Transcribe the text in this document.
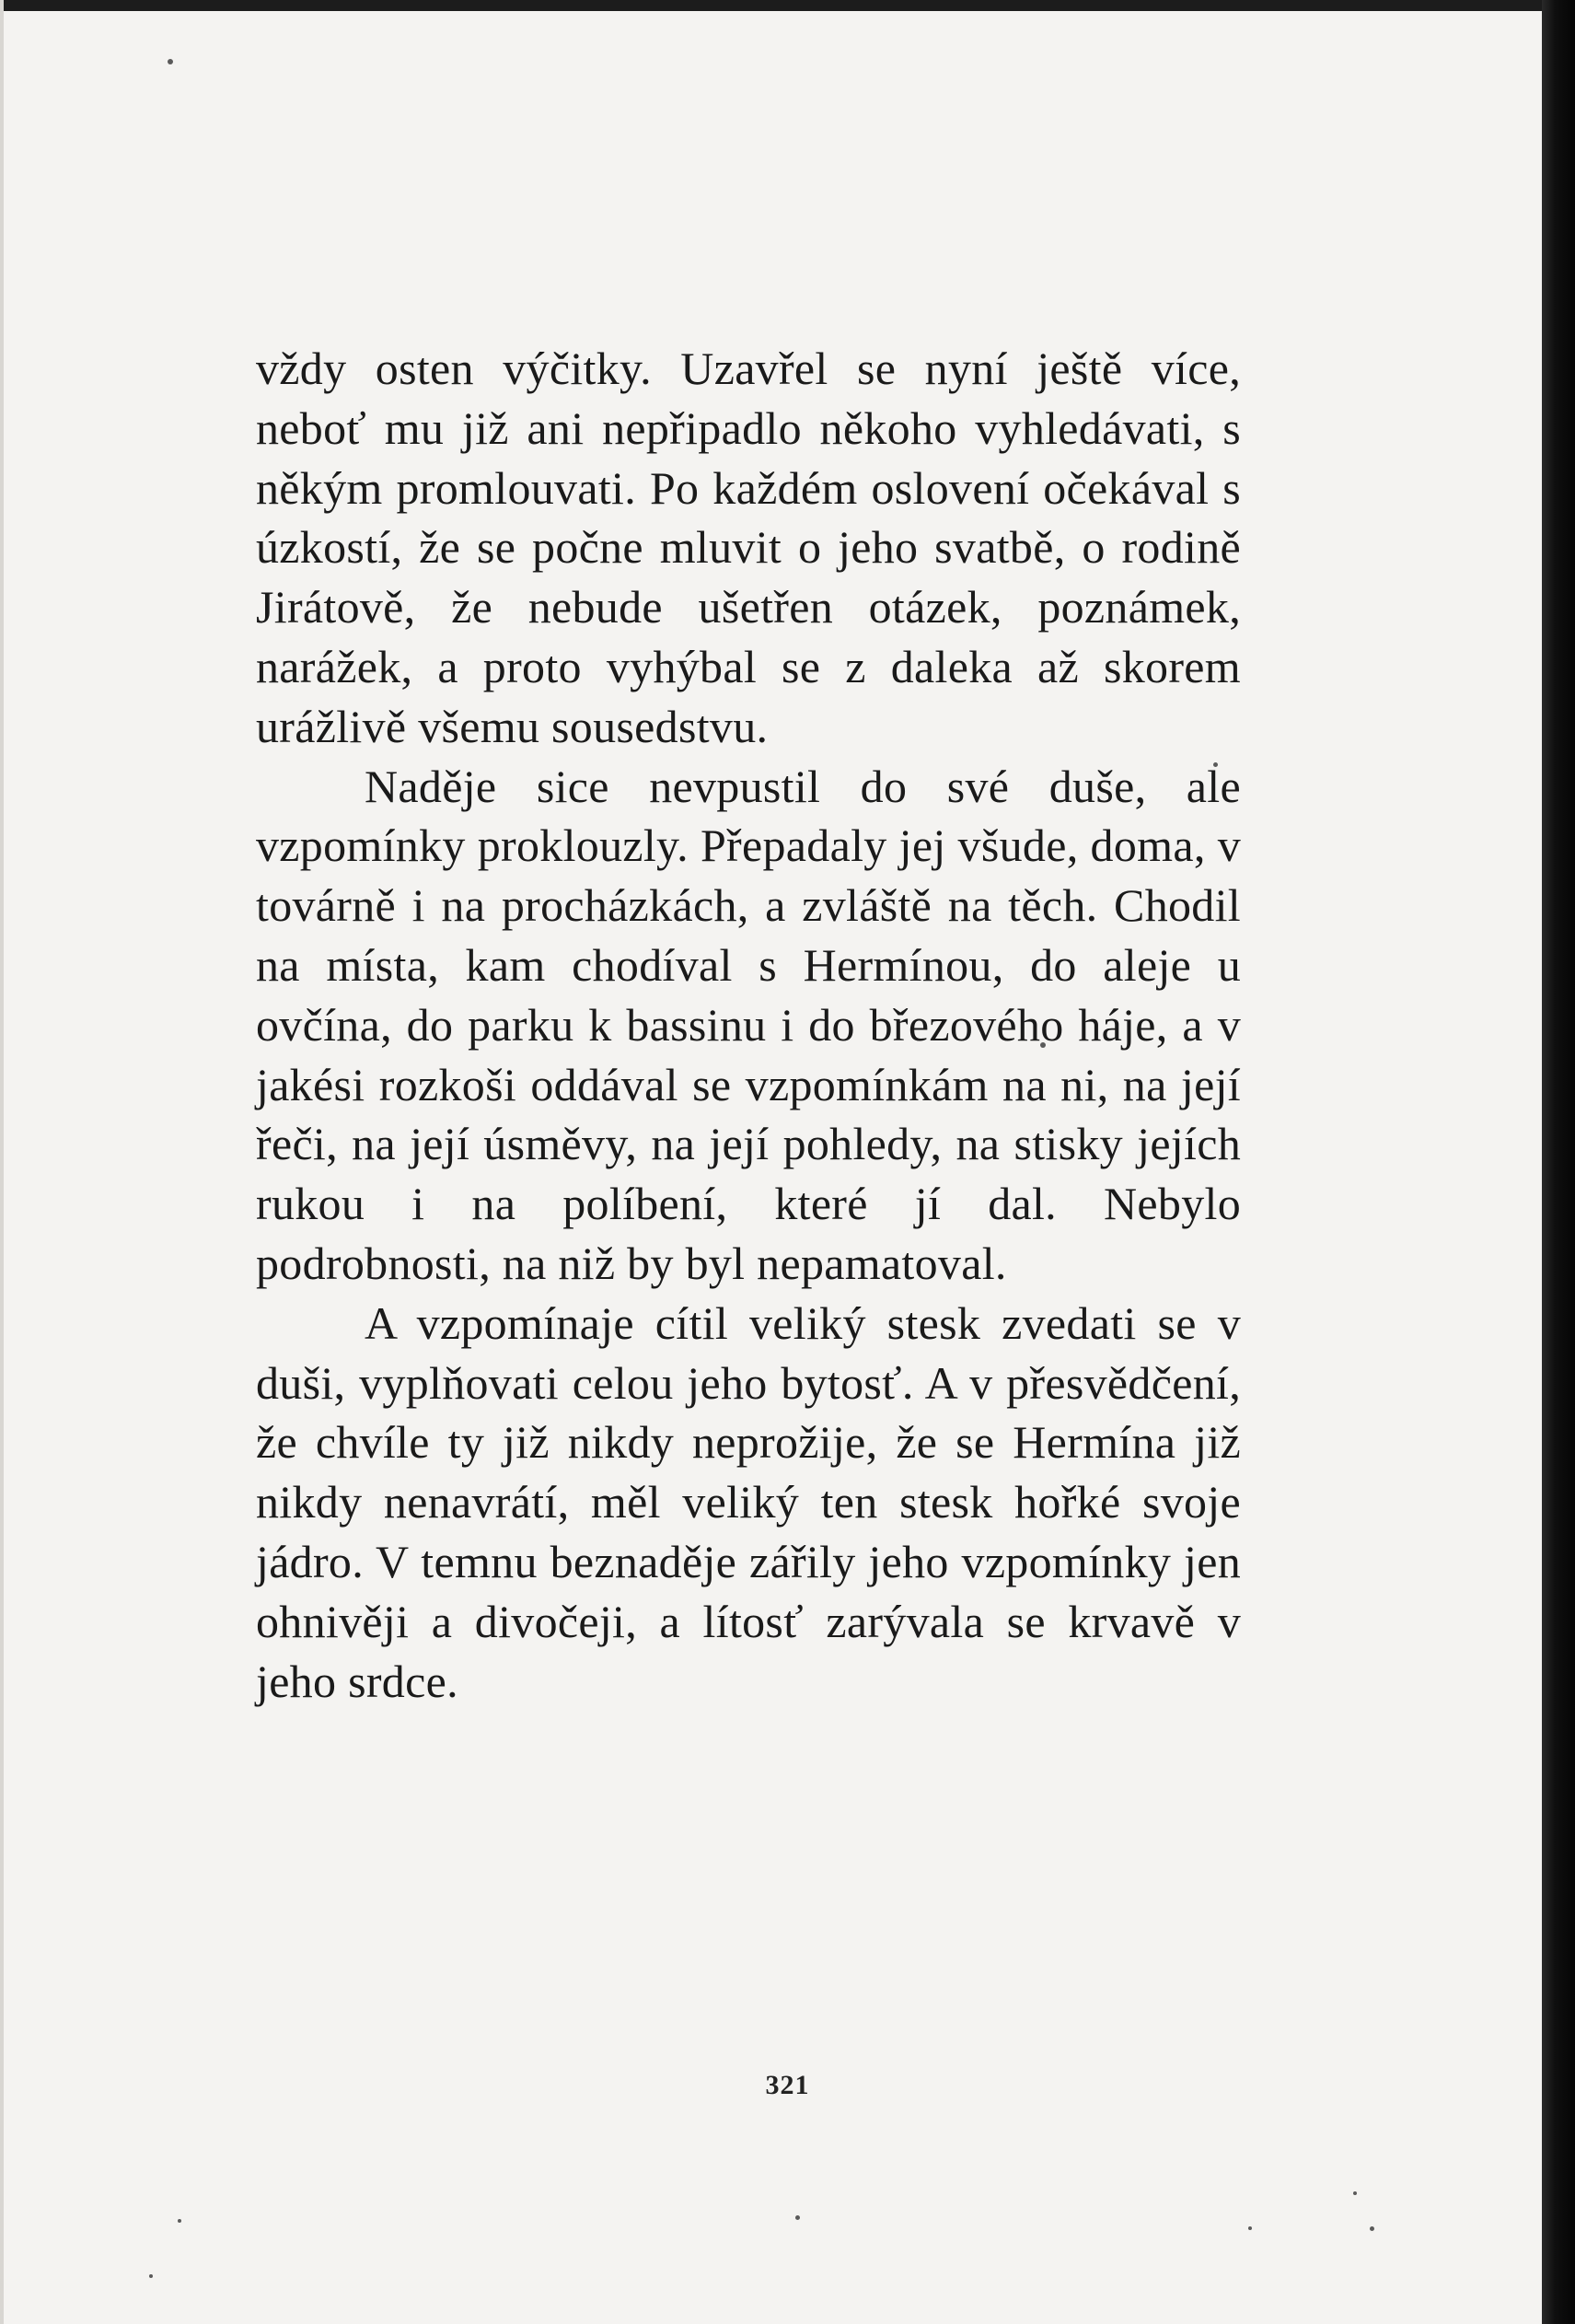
vždy osten výčitky. Uzavřel se nyní ještě více, neboť mu již ani nepřipadlo někoho vyhledávati, s někým promlouvati. Po každém oslovení očekával s úzkostí, že se počne mluvit o jeho svatbě, o rodině Jirátově, že nebude ušetřen otázek, poznámek, narážek, a proto vyhýbal se z daleka až skorem urážlivě všemu sousedstvu.

Naděje sice nevpustil do své duše, ale vzpomínky proklouzly. Přepadaly jej všude, doma, v továrně i na procházkách, a zvláště na těch. Chodil na místa, kam chodíval s Hermínou, do aleje u ovčína, do parku k bassinu i do březového háje, a v jakési rozkoši oddával se vzpomínkám na ni, na její řeči, na její úsměvy, na její pohledy, na stisky jejích rukou i na políbení, které jí dal. Nebylo podrobnosti, na niž by byl nepamatoval.

A vzpomínaje cítil veliký stesk zvedati se v duši, vyplňovati celou jeho bytosť. A v přesvědčení, že chvíle ty již nikdy neprožije, že se Hermína již nikdy nenavrátí, měl veliký ten stesk hořké svoje jádro. V temnu beznaděje zářily jeho vzpomínky jen ohnivěji a divočeji, a lítosť zarývala se krvavě v jeho srdce.

321
